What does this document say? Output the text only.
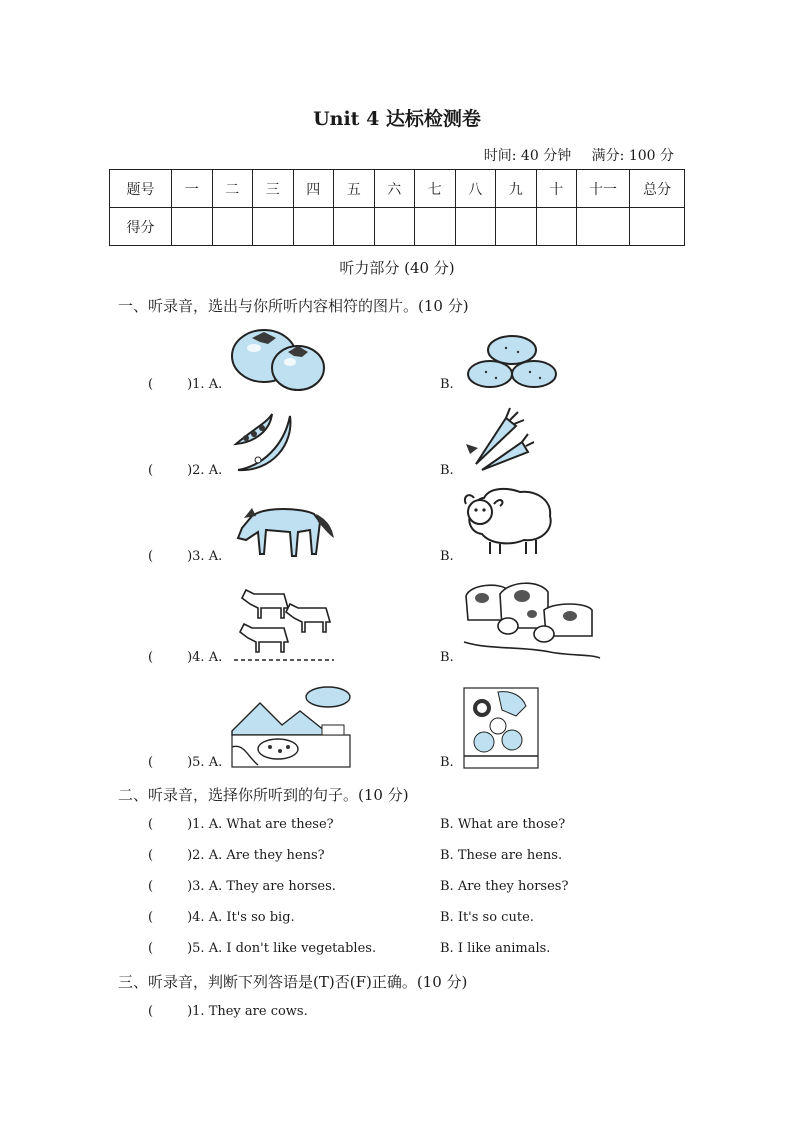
Unit 4 达标检测卷
时间: 40 分钟 满分: 100 分
题号	一	二	三	四	五	六	七	八	九	十	十一	总分
得分												
听力部分 (40 分)
一、听录音，选出与你所听内容相符的图片。(10 分)
(	)1. A.	B.
(	)2. A.	B.
(	)3. A.	B.
(	)4. A.	B.
(	)5. A.	B.
二、听录音，选择你所听到的句子。(10 分)
(	)1. A. What are these?	B. What are those?
(	)2. A. Are they hens?	B. These are hens.
(	)3. A. They are horses.	B. Are they horses?
(	)4. A. It's so big.	B. It's so cute.
(	)5. A. I don't like vegetables.	B. I like animals.
三、听录音，判断下列答语是(T)否(F)正确。(10 分)
(	)1. They are cows.
